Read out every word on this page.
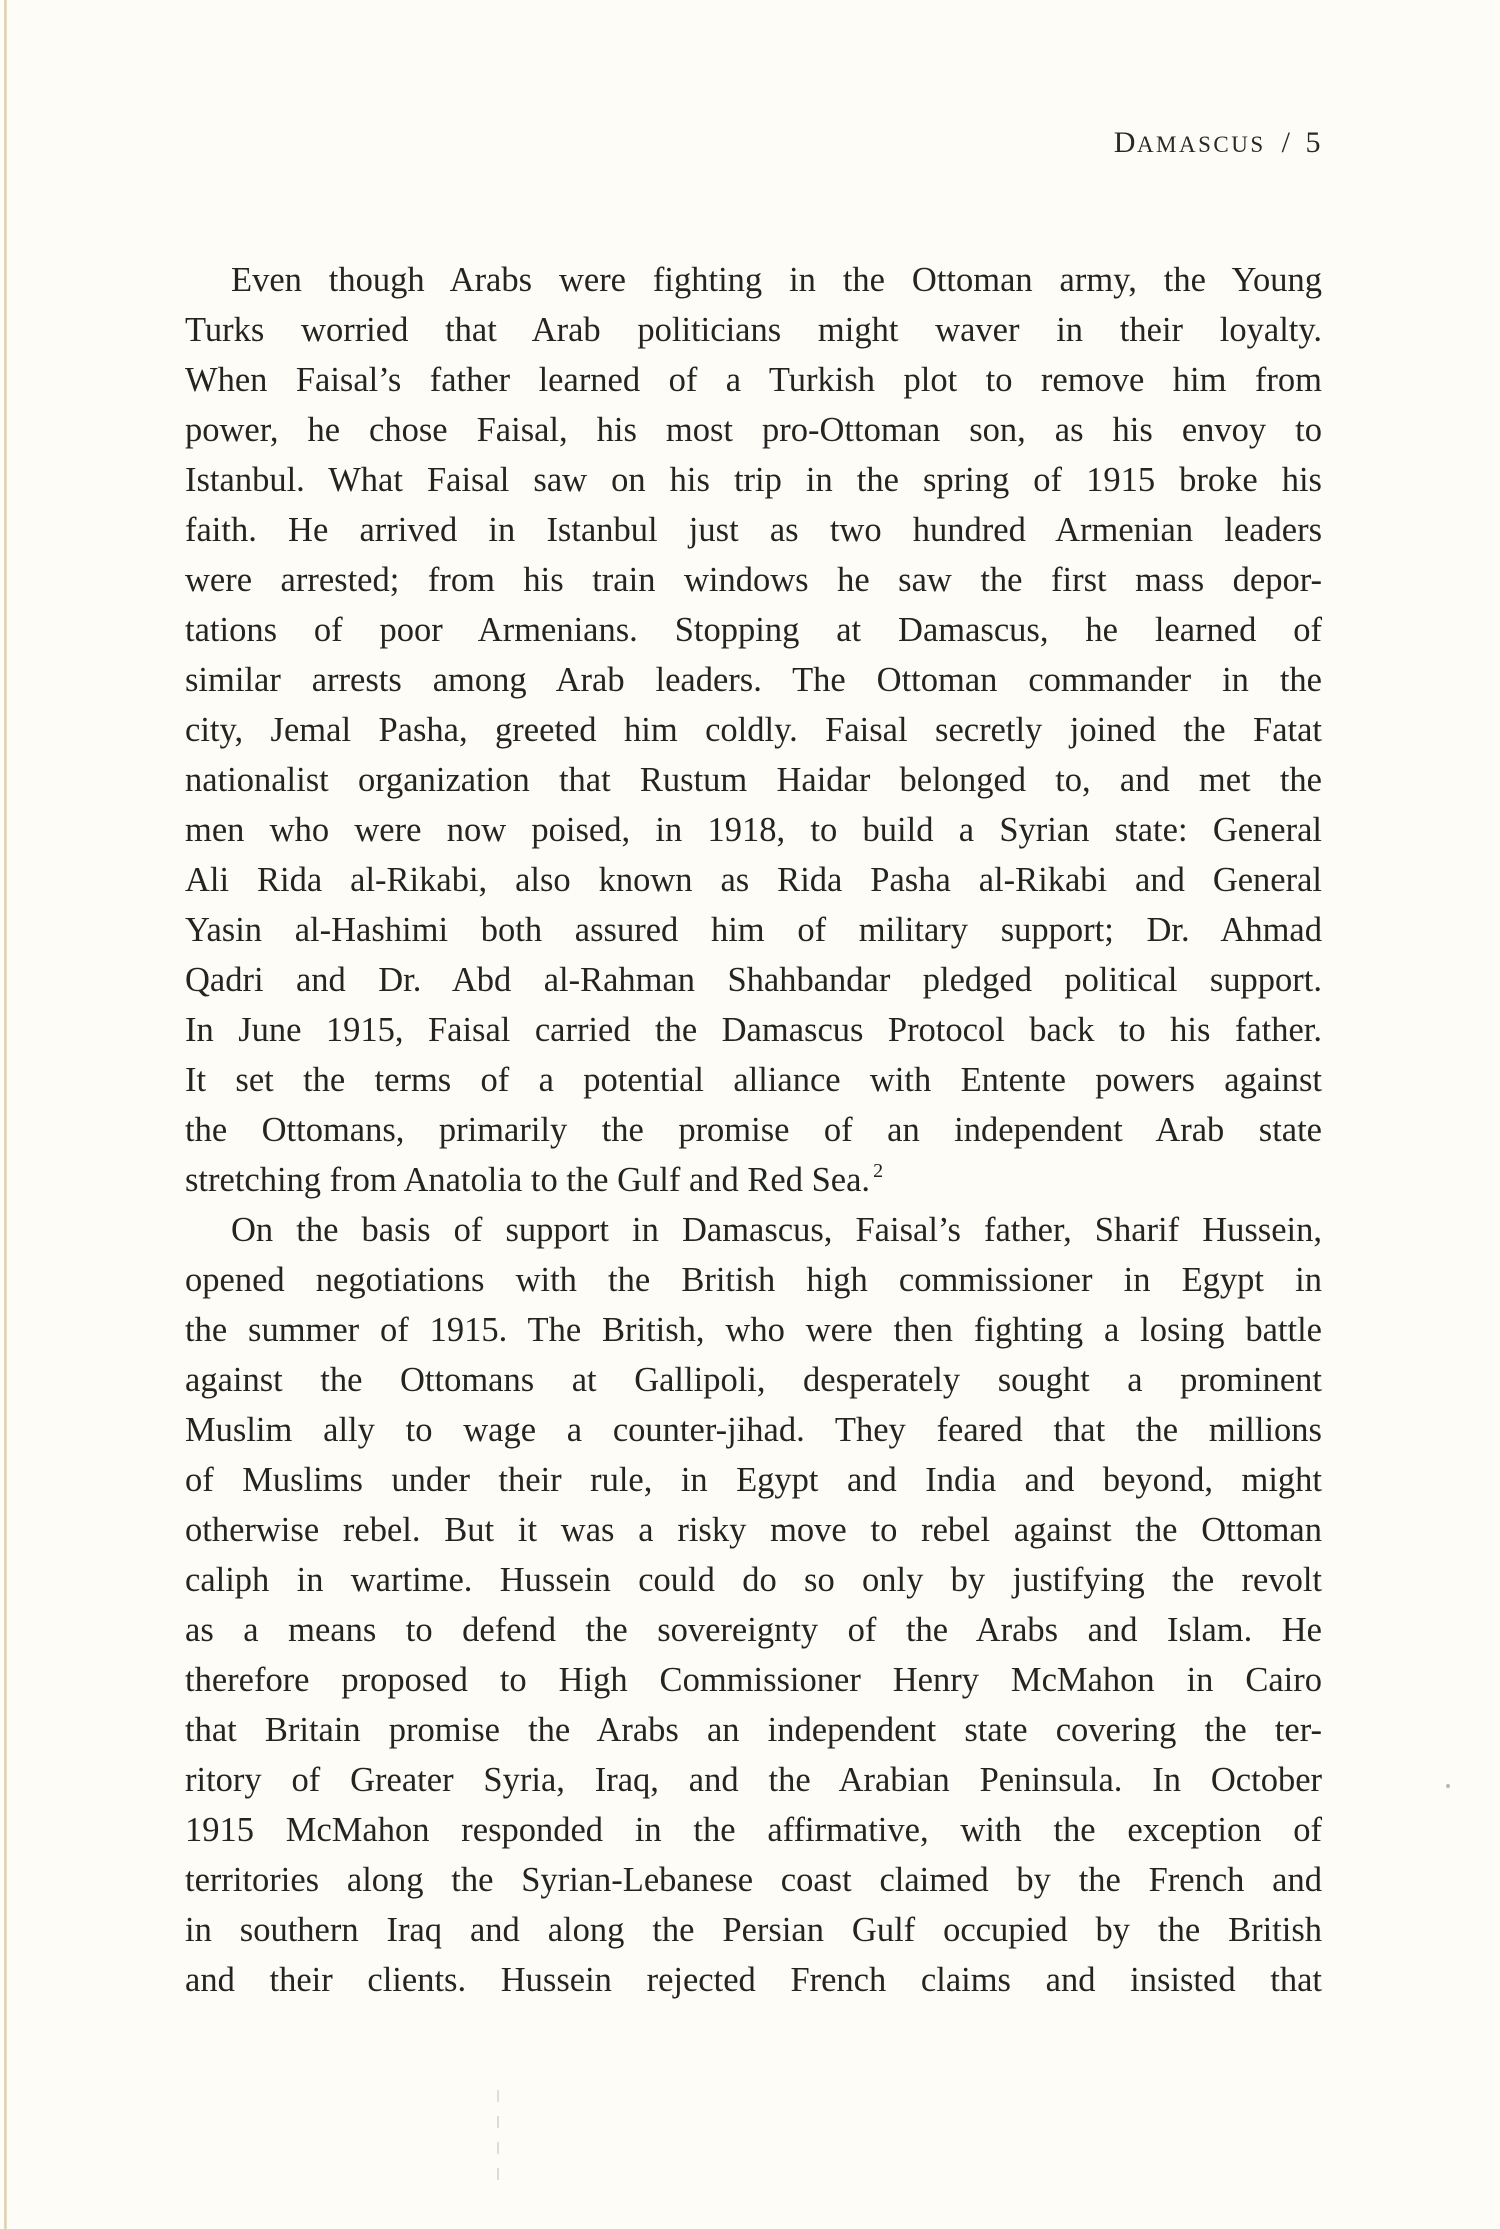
DAMASCUS / 5
Even though Arabs were fighting in the Ottoman army, the Young
Turks worried that Arab politicians might waver in their loyalty.
When Faisal’s father learned of a Turkish plot to remove him from
power, he chose Faisal, his most pro-Ottoman son, as his envoy to
Istanbul. What Faisal saw on his trip in the spring of 1915 broke his
faith. He arrived in Istanbul just as two hundred Armenian leaders
were arrested; from his train windows he saw the first mass depor-
tations of poor Armenians. Stopping at Damascus, he learned of
similar arrests among Arab leaders. The Ottoman commander in the
city, Jemal Pasha, greeted him coldly. Faisal secretly joined the Fatat
nationalist organization that Rustum Haidar belonged to, and met the
men who were now poised, in 1918, to build a Syrian state: General
Ali Rida al-Rikabi, also known as Rida Pasha al-Rikabi and General
Yasin al-Hashimi both assured him of military support; Dr. Ahmad
Qadri and Dr. Abd al-Rahman Shahbandar pledged political support.
In June 1915, Faisal carried the Damascus Protocol back to his father.
It set the terms of a potential alliance with Entente powers against
the Ottomans, primarily the promise of an independent Arab state
stretching from Anatolia to the Gulf and Red Sea. $^2$
On the basis of support in Damascus, Faisal’s father, Sharif Hussein,
opened negotiations with the British high commissioner in Egypt in
the summer of 1915. The British, who were then fighting a losing battle
against the Ottomans at Gallipoli, desperately sought a prominent
Muslim ally to wage a counter-jihad. They feared that the millions
of Muslims under their rule, in Egypt and India and beyond, might
otherwise rebel. But it was a risky move to rebel against the Ottoman
caliph in wartime. Hussein could do so only by justifying the revolt
as a means to defend the sovereignty of the Arabs and Islam. He
therefore proposed to High Commissioner Henry McMahon in Cairo
that Britain promise the Arabs an independent state covering the ter-
ritory of Greater Syria, Iraq, and the Arabian Peninsula. In October
1915 McMahon responded in the affirmative, with the exception of
territories along the Syrian-Lebanese coast claimed by the French and
in southern Iraq and along the Persian Gulf occupied by the British
and their clients. Hussein rejected French claims and insisted that
